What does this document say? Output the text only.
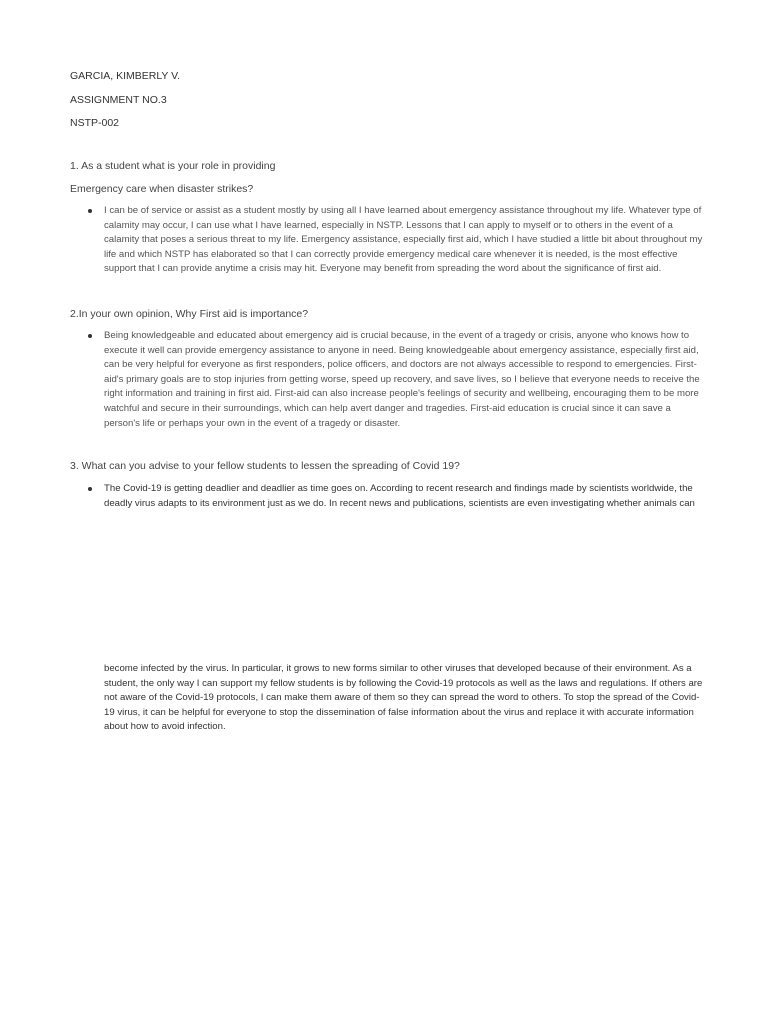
GARCIA, KIMBERLY V.
ASSIGNMENT NO.3
NSTP-002
1. As a student what is your role in providing
Emergency care when disaster strikes?
I can be of service or assist as a student mostly by using all I have learned about emergency assistance throughout my life. Whatever type of calamity may occur, I can use what I have learned, especially in NSTP. Lessons that I can apply to myself or to others in the event of a calamity that poses a serious threat to my life. Emergency assistance, especially first aid, which I have studied a little bit about throughout my life and which NSTP has elaborated so that I can correctly provide emergency medical care whenever it is needed, is the most effective support that I can provide anytime a crisis may hit. Everyone may benefit from spreading the word about the significance of first aid.
2.In your own opinion, Why First aid is importance?
Being knowledgeable and educated about emergency aid is crucial because, in the event of a tragedy or crisis, anyone who knows how to execute it well can provide emergency assistance to anyone in need. Being knowledgeable about emergency assistance, especially first aid, can be very helpful for everyone as first responders, police officers, and doctors are not always accessible to respond to emergencies. First-aid's primary goals are to stop injuries from getting worse, speed up recovery, and save lives, so I believe that everyone needs to receive the right information and training in first aid. First-aid can also increase people's feelings of security and wellbeing, encouraging them to be more watchful and secure in their surroundings, which can help avert danger and tragedies. First-aid education is crucial since it can save a person's life or perhaps your own in the event of a tragedy or disaster.
3. What can you advise to your fellow students to lessen the spreading of Covid 19?
The Covid-19 is getting deadlier and deadlier as time goes on. According to recent research and findings made by scientists worldwide, the deadly virus adapts to its environment just as we do. In recent news and publications, scientists are even investigating whether animals can
become infected by the virus. In particular, it grows to new forms similar to other viruses that developed because of their environment. As a student, the only way I can support my fellow students is by following the Covid-19 protocols as well as the laws and regulations. If others are not aware of the Covid-19 protocols, I can make them aware of them so they can spread the word to others. To stop the spread of the Covid-19 virus, it can be helpful for everyone to stop the dissemination of false information about the virus and replace it with accurate information about how to avoid infection.
